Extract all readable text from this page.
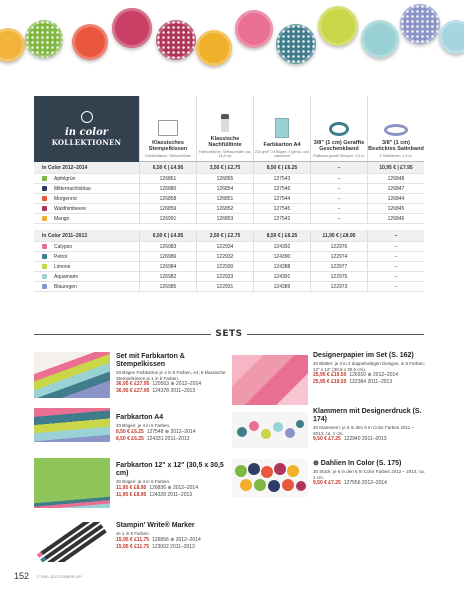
in color
KOLLEKTIONEN	Klassisches Stempelkissen
Farbtonfläche, Stiftnachfüller
Klassische Nachfülltinte
Farbtonfläche, Stiftnachfüller (ca. 14,8 ml)
Farbkarton A4
216 g/m², 24 Bögen, 3 gemis. und naturweiß
3/8" (1 cm) Geraffte Geschenkband
Raffband gerafft Stempel, 4,5 m.
3/8" (1 cm) Besticktes Satinband
4 Stickfarben, 4,5 m.
In Color 2012–2014	6,50 € | £4.95	3,50 € | £2.75	8,50 € | £6.25	–	10,95 € | £7.95
Apfelgrün	126861	126855	127543	–	126848
Mitternachtsblau	126880	126854	127546	–	126847
Morgenrot	126858	126851	127544	–	126844
Waldhimbeere	126859	126852	127545	–	126845
Mango	126991	126853	127542	–	126846
In Color 2011–2013	6,50 € | £4.95	3,50 € | £2.75	8,50 € | £6.25	11,95 € | £8.95	–
Calypso	126983	122934	124392	122976	–
Petrol	126986	122932	124390	122974	–
Limone	126984	122930	124388	122977	–
Aquamarin	126982	122933	124391	122975	–
Blauregen	126985	122931	124389	122973	–
SETS
Set mit Farbkarton & Stempelkissen
20 Bögen Farbkarton je 4 in 5 Farben, A4; 5 klassische Stempelkissen je 1 in 5 Farben.
36,95 € £27.95 129503 ⊕ 2012–2014
36,95 € £27.95 124378 2011–2013
Farbkarton A4
20 Bögen: je 4 in 5 Farben.
8,50 € £6.25 127548 ⊕ 2012–2014
8,50 € £6.25 124331 2011–2013
Farbkarton 12" x 12" (30,5 x 30,5 cm)
20 Bögen: je 4 in 5 Farben.
11,95 € £8.95 126836 ⊕ 2012–2014
11,95 € £8.95 124328 2011–2013
Stampin' Write® Marker
Je 1 in 5 Farben.
15,95 € £11.75 126856 ⊕ 2012–2014
15,95 € £11.75 123002 2011–2013
Designerpapier im Set (S. 162)
40 Blätter: je 4 in 2 doppelseitigen Designs, in 5 Farben; 12" x 12" (30,5 x 30,5 cm).
25,95 € £19.50 126910 ⊕ 2012–2014
25,95 € £19.50 122384 2011–2013
Klammern mit Designerdruck (S. 174)
40 Klammern: je 8 in den 5 In Color Farben 2011 – 2013; ca. 1 cm.
9,50 € £7.25 122940 2011–2013
⊕ Dahlien In Color (S. 175)
30 Stück: je 6 in den 5 In Color Farben 2012 – 2014; ca. 1 cm.
9,50 € £7.25 127556 2012–2014
152 © 1990–2012 STAMPIN' UP!
